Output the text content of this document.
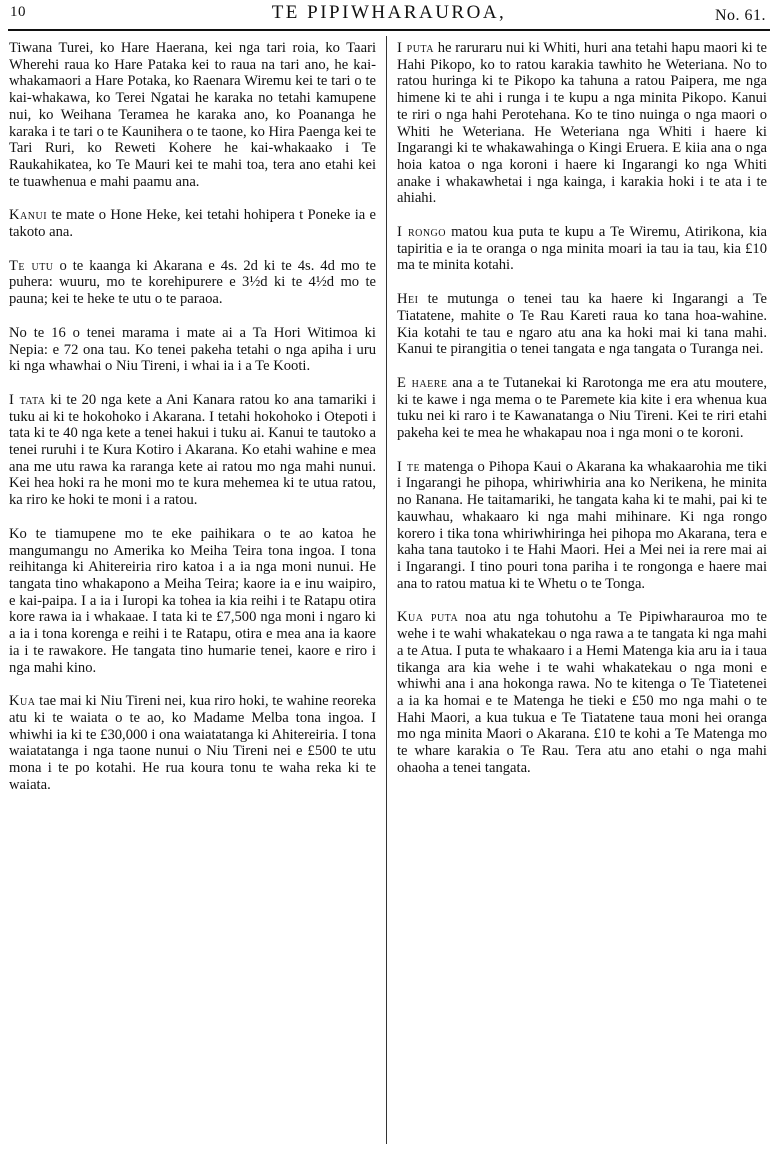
10	TE PIPIWHARAUROA,	No. 61.

Tiwana Turei, ko Hare Haerana, kei nga tari roia, ko Taari Wherehi raua ko Hare Pataka kei to raua na tari ano, he kai-whakamaori a Hare Potaka, ko Raenara Wiremu kei te tari o te kai-whakawa, ko Terei Ngatai he karaka no tetahi kamupene nui, ko Weihana Teramea he karaka ano, ko Poananga he karaka i te tari o te Kaunihera o te taone, ko Hira Paenga kei te Tari Ruri, ko Reweti Kohere he kai-whakaako i Te Raukahikatea, ko Te Mauri kei te mahi toa, tera ano etahi kei te tuawhenua e mahi paamu ana.

Kanui te mate o Hone Heke, kei tetahi hohipera t Poneke ia e takoto ana.

Te utu o te kaanga ki Akarana e 4s. 2d ki te 4s. 4d mo te puhera: wuuru, mo te korehipurere e 3½d ki te 4½d mo te pauna; kei te heke te utu o te paraoa.

No te 16 o tenei marama i mate ai a Ta Hori Witimoa ki Nepia: e 72 ona tau. Ko tenei pakeha tetahi o nga apiha i uru ki nga whawhai o Niu Tireni, i whai ia i a Te Kooti.

I tata ki te 20 nga kete a Ani Kanara ratou ko ana tamariki i tuku ai ki te hokohoko i Akarana. I tetahi hokohoko i Otepoti i tata ki te 40 nga kete a tenei hakui i tuku ai. Kanui te tautoko a tenei ruruhi i te Kura Kotiro i Akarana. Ko etahi wahine e mea ana me utu rawa ka raranga kete ai ratou mo nga mahi nunui. Kei hea hoki ra he moni mo te kura mehemea ki te utua ratou, ka riro ke hoki te moni i a ratou.

Ko te tiamupene mo te eke paihikara o te ao katoa he mangumangu no Amerika ko Meiha Teira tona ingoa. I tona reihitanga ki Ahitereiria riro katoa i a ia nga moni nunui. He tangata tino whakapono a Meiha Teira; kaore ia e inu waipiro, e kai-paipa. I a ia i Iuropi ka tohea ia kia reihi i te Ratapu otira kore rawa ia i whakaae. I tata ki te £7,500 nga moni i ngaro ki a ia i tona korenga e reihi i te Ratapu, otira e mea ana ia kaore ia i te rawakore. He tangata tino humarie tenei, kaore e riro i nga mahi kino.

Kua tae mai ki Niu Tireni nei, kua riro hoki, te wahine reoreka atu ki te waiata o te ao, ko Madame Melba tona ingoa. I whiwhi ia ki te £30,000 i ona waiatatanga ki Ahitereiria. I tona waiatatanga i nga taone nunui o Niu Tireni nei e £500 te utu mona i te po kotahi. He rua koura tonu te waha reka ki te waiata.

I puta he raruraru nui ki Whiti, huri ana tetahi hapu maori ki te Hahi Pikopo, ko to ratou karakia tawhito he Weteriana. No to ratou huringa ki te Pikopo ka tahuna a ratou Paipera, me nga himene ki te ahi i runga i te kupu a nga minita Pikopo. Kanui te riri o nga hahi Perotehana. Ko te tino nuinga o nga maori o Whiti he Weteriana. He Weteriana nga Whiti i haere ki Ingarangi ki te whakawahinga o Kingi Eruera. E kiia ana o nga hoia katoa o nga koroni i haere ki Ingarangi ko nga Whiti anake i whakawhetai i nga kainga, i karakia hoki i te ata i te ahiahi.

I rongo matou kua puta te kupu a Te Wiremu, Atirikona, kia tapiritia e ia te oranga o nga minita moari ia tau ia tau, kia £10 ma te minita kotahi.

Hei te mutunga o tenei tau ka haere ki Ingarangi a Te Tiatatene, mahite o Te Rau Kareti raua ko tana hoa-wahine. Kia kotahi te tau e ngaro atu ana ka hoki mai ki tana mahi. Kanui te pirangitia o tenei tangata e nga tangata o Turanga nei.

E haere ana a te Tutanekai ki Rarotonga me era atu moutere, ki te kawe i nga mema o te Paremete kia kite i era whenua kua tuku nei ki raro i te Kawanatanga o Niu Tireni. Kei te riri etahi pakeha kei te mea he whakapau noa i nga moni o te koroni.

I te matenga o Pihopa Kaui o Akarana ka whakaarohia me tiki i Ingarangi he pihopa, whiriwhiria ana ko Nerikena, he minita no Ranana. He taitamariki, he tangata kaha ki te mahi, pai ki te kauwhau, whakaaro ki nga mahi mihinare. Ki nga rongo korero i tika tona whiriwhiringa hei pihopa mo Akarana, tera e kaha tana tautoko i te Hahi Maori. Hei a Mei nei ia rere mai ai i Ingarangi. I tino pouri tona pariha i te rongonga e haere mai ana to ratou matua ki te Whetu o te Tonga.

Kua puta noa atu nga tohutohu a Te Pipiwharauroa mo te wehe i te wahi whakatekau o nga rawa a te tangata ki nga mahi a te Atua. I puta te whakaaro i a Hemi Matenga kia aru ia i taua tikanga ara kia wehe i te wahi whakatekau o nga moni e whiwhi ana i ana hokonga rawa. No te kitenga o Te Tiatetenei a ia ka homai e te Matenga he tieki e £50 mo nga mahi o te Hahi Maori, a kua tukua e Te Tiatatene taua moni hei oranga mo nga minita Maori o Akarana. £10 te kohi a Te Matenga mo te whare karakia o Te Rau. Tera atu ano etahi o nga mahi ohaoha a tenei tangata.
